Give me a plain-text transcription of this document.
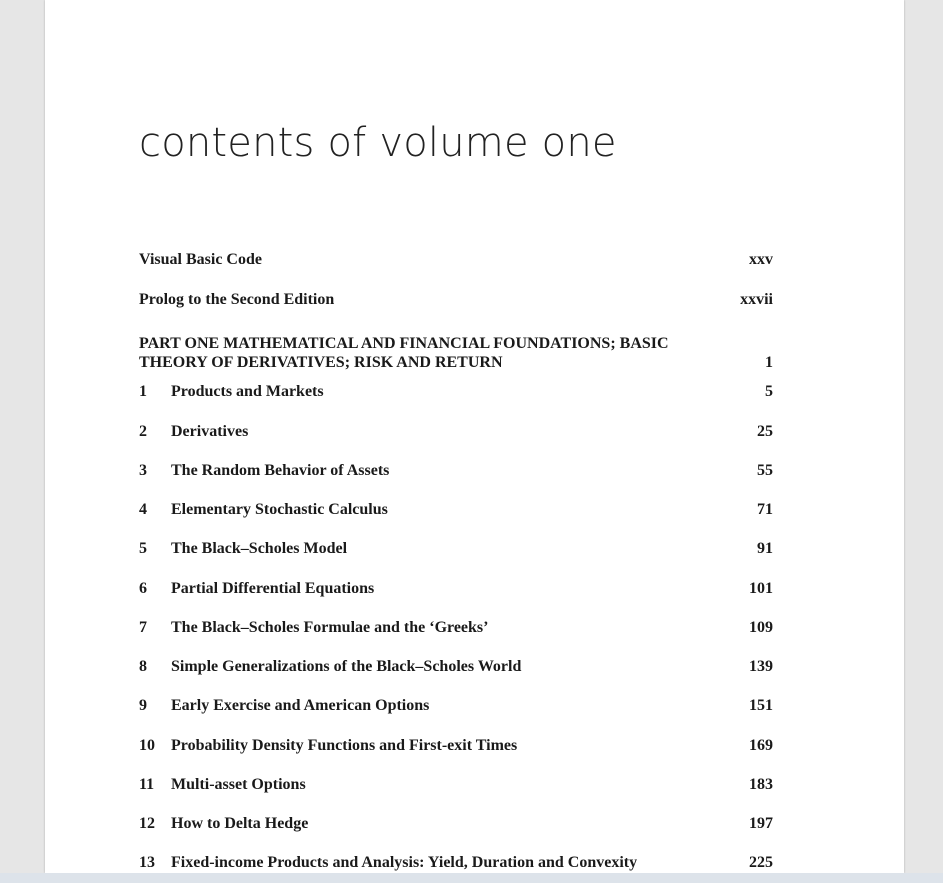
contents of volume one
Visual Basic Code	xxv
Prolog to the Second Edition	xxvii
PART ONE MATHEMATICAL AND FINANCIAL FOUNDATIONS; BASIC THEORY OF DERIVATIVES; RISK AND RETURN	1
1 Products and Markets	5
2 Derivatives	25
3 The Random Behavior of Assets	55
4 Elementary Stochastic Calculus	71
5 The Black–Scholes Model	91
6 Partial Differential Equations	101
7 The Black–Scholes Formulae and the ‘Greeks’	109
8 Simple Generalizations of the Black–Scholes World	139
9 Early Exercise and American Options	151
10 Probability Density Functions and First-exit Times	169
11 Multi-asset Options	183
12 How to Delta Hedge	197
13 Fixed-income Products and Analysis: Yield, Duration and Convexity	225
